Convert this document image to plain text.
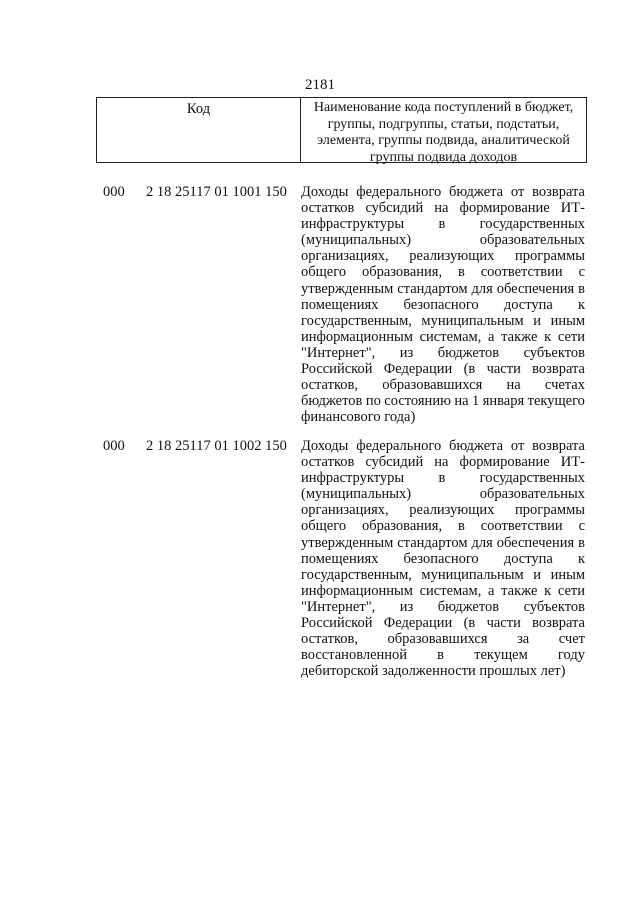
2181
Код	Наименование кода поступлений в бюджет, группы, подгруппы, статьи, подстатьи, элемента, группы подвида, аналитической группы подвида доходов
000 2 18 25117 01 1001 150 Доходы федерального бюджета от возврата
остатков субсидий на формирование ИТ-
инфраструктуры в государственных
(муниципальных)	образовательных
организациях, реализующих программы
общего образования, в соответствии с
утвержденным стандартом для обеспечения в
помещениях безопасного доступа к
государственным, муниципальным и иным
информационным системам, а также к сети
"Интернет", из бюджетов субъектов
Российской Федерации (в части возврата
остатков, образовавшихся на счетах
бюджетов по состоянию на 1 января текущего
финансового года)
000 2 18 25117 01 1002 150 Доходы федерального бюджета от возврата
остатков субсидий на формирование ИТ-
инфраструктуры в государственных
(муниципальных)	образовательных
организациях, реализующих программы
общего образования, в соответствии с
утвержденным стандартом для обеспечения в
помещениях безопасного доступа к
государственным, муниципальным и иным
информационным системам, а также к сети
"Интернет", из бюджетов субъектов
Российской Федерации (в части возврата
остатков, образовавшихся за счет
восстановленной в текущем году
дебиторской задолженности прошлых лет)
